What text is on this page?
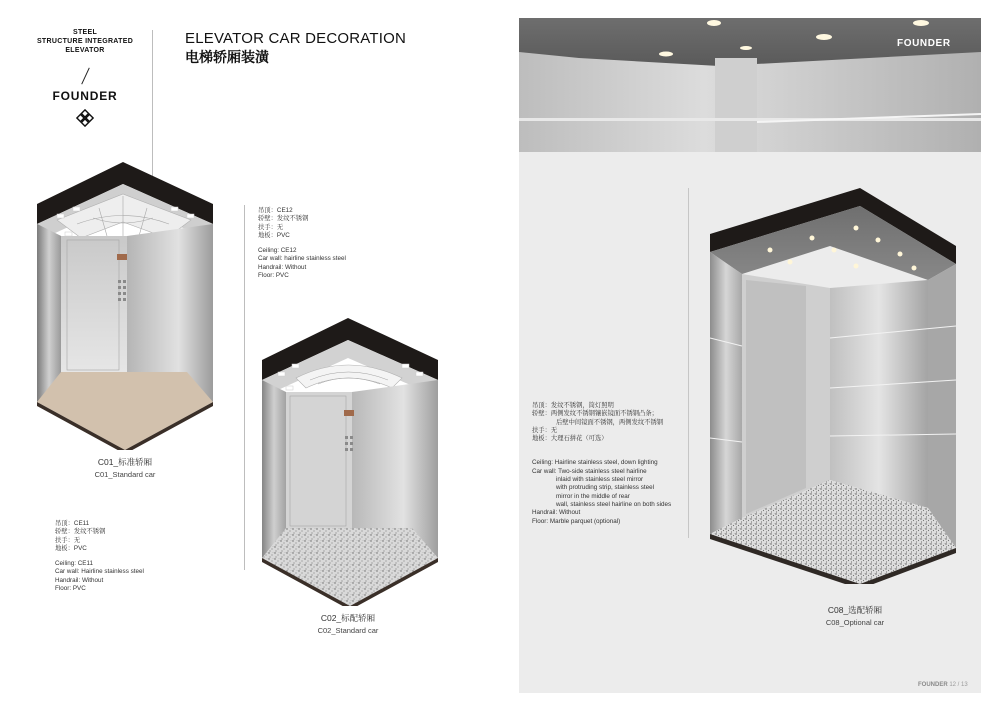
STEEL
STRUCTURE INTEGRATED
ELEVATOR
FOUNDER
ELEVATOR CAR DECORATION
电梯轿厢装潢
C01_标准轿厢
C01_Standard car

吊顶：CE11

轿壁：发纹不锈钢

扶手：无

地板：PVC

Ceiling: CE11

Car wall: Hairline stainless steel

Handrail: Without

Floor: PVC

吊顶：CE12

轿壁：发纹不锈钢

扶手：无

地板：PVC

Ceiling: CE12

Car wall: hairline stainless steel

Handrail: Without

Floor: PVC

C02_标配轿厢
C02_Standard car
FOUNDER

吊顶：发纹不锈钢，筒灯照明

轿壁：两侧发纹不锈钢镶嵌镜面不锈钢凸条；

后壁中间镜面不锈钢，两侧发纹不锈钢

扶手：无

地板：大理石拼花（可选）

Ceiling: Hairline stainless steel, down lighting

Car wall: Two-side stainless steel hairline

inlaid with stainless steel mirror

with protruding strip, stainless steel

mirror in the middle of rear

wall, stainless steel hairline on both sides

Handrail: Without

Floor: Marble parquet (optional)

C08_选配轿厢
C08_Optional car
FOUNDER 12 / 13
